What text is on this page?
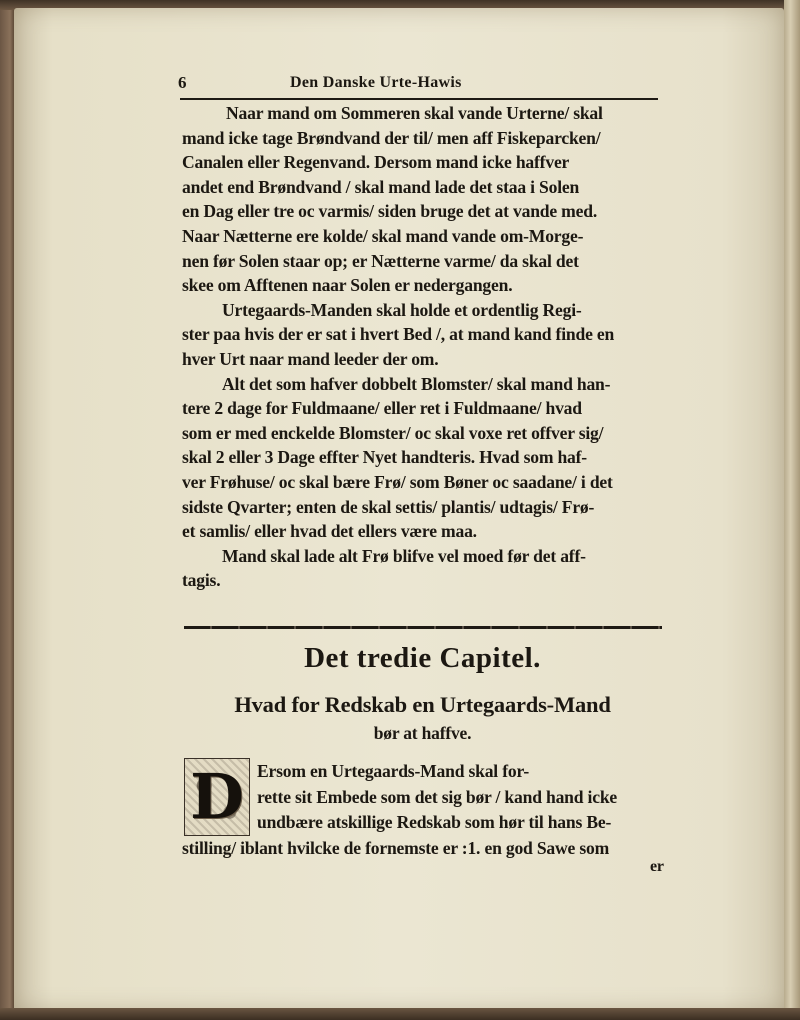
6	Den Danske Urte-Hawis
Naar mand om Sommeren skal vande Urterne/ skal
mand icke tage Brøndvand der til/ men aff Fiskeparcken/
Canalen eller Regenvand. Dersom mand icke haffver
andet end Brøndvand / skal mand lade det staa i Solen
en Dag eller tre oc varmis/ siden bruge det at vande med.
Naar Nætterne ere kolde/ skal mand vande om-Morge-
nen før Solen staar op; er Nætterne varme/ da skal det
skee om Afftenen naar Solen er nedergangen.
Urtegaards-Manden skal holde et ordentlig Regi-
ster paa hvis der er sat i hvert Bed /, at mand kand finde en
hver Urt naar mand leeder der om.
Alt det som hafver dobbelt Blomster/ skal mand han-
tere 2 dage for Fuldmaane/ eller ret i Fuldmaane/ hvad
som er med enckelde Blomster/ oc skal voxe ret offver sig/
skal 2 eller 3 Dage effter Nyet handteris. Hvad som haf-
ver Frøhuse/ oc skal bære Frø/ som Bøner oc saadane/ i det
sidste Qvarter; enten de skal settis/ plantis/ udtagis/ Frø-
et samlis/ eller hvad det ellers være maa.
Mand skal lade alt Frø blifve vel moed før det aff-
tagis.
Det tredie Capitel.
Hvad for Redskab en Urtegaards-Mand
bør at haffve.
D Ersom en Urtegaards-Mand skal for-
rette sit Embede som det sig bør / kand hand icke
undbære atskillige Redskab som hør til hans Be-
stilling/ iblant hvilcke de fornemste er :1. en god Sawe som
er
